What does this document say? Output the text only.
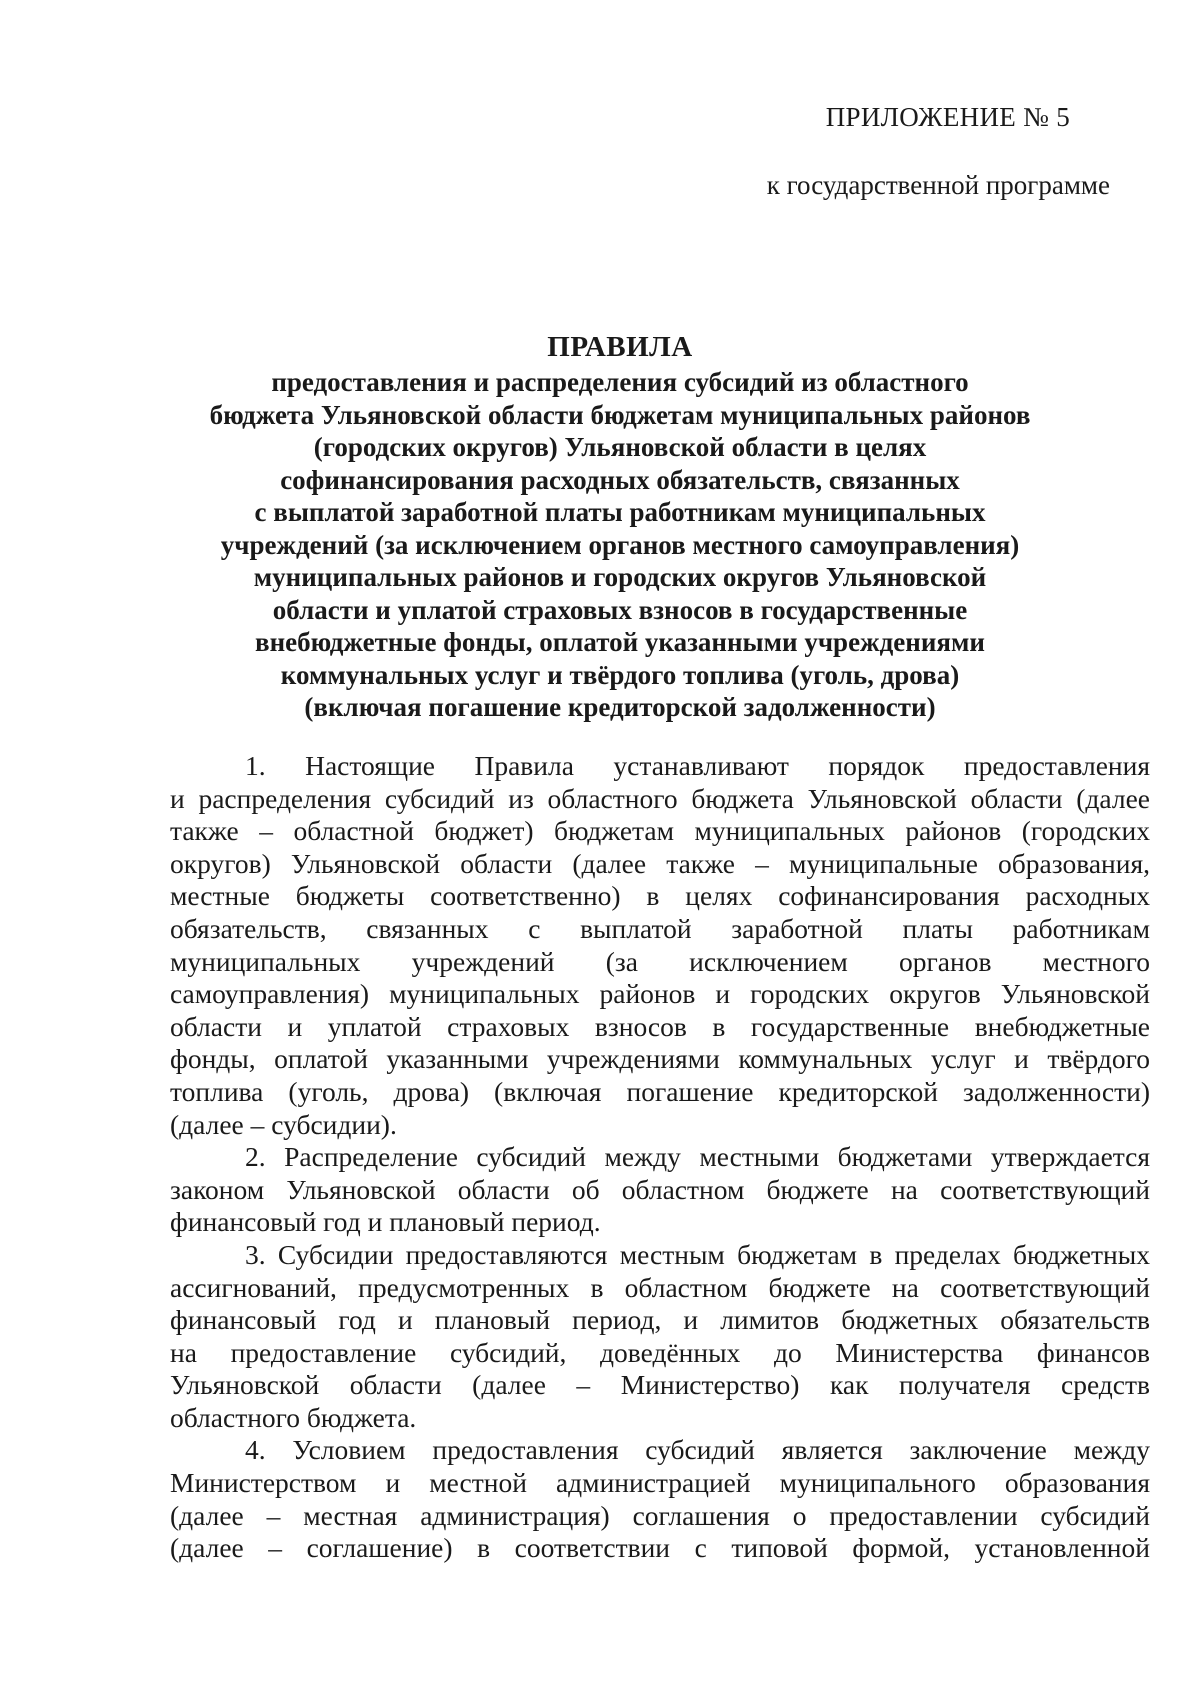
ПРИЛОЖЕНИЕ № 5
к государственной программе
ПРАВИЛА
предоставления и распределения субсидий из областного
бюджета Ульяновской области бюджетам муниципальных районов
(городских округов) Ульяновской области в целях
софинансирования расходных обязательств, связанных
с выплатой заработной платы работникам муниципальных
учреждений (за исключением органов местного самоуправления)
муниципальных районов и городских округов Ульяновской
области и уплатой страховых взносов в государственные
внебюджетные фонды, оплатой указанными учреждениями
коммунальных услуг и твёрдого топлива (уголь, дрова)
(включая погашение кредиторской задолженности)
1. Настоящие Правила устанавливают порядок предоставления
и распределения субсидий из областного бюджета Ульяновской области (далее
также – областной бюджет) бюджетам муниципальных районов (городских
округов) Ульяновской области (далее также – муниципальные образования,
местные бюджеты соответственно) в целях софинансирования расходных
обязательств, связанных с выплатой заработной платы работникам
муниципальных учреждений (за исключением органов местного
самоуправления) муниципальных районов и городских округов Ульяновской
области и уплатой страховых взносов в государственные внебюджетные
фонды, оплатой указанными учреждениями коммунальных услуг и твёрдого
топлива (уголь, дрова) (включая погашение кредиторской задолженности)
(далее – субсидии).
2. Распределение субсидий между местными бюджетами утверждается
законом Ульяновской области об областном бюджете на соответствующий
финансовый год и плановый период.
3. Субсидии предоставляются местным бюджетам в пределах бюджетных
ассигнований, предусмотренных в областном бюджете на соответствующий
финансовый год и плановый период, и лимитов бюджетных обязательств
на предоставление субсидий, доведённых до Министерства финансов
Ульяновской области (далее – Министерство) как получателя средств
областного бюджета.
4. Условием предоставления субсидий является заключение между
Министерством и местной администрацией муниципального образования
(далее – местная администрация) соглашения о предоставлении субсидий
(далее – соглашение) в соответствии с типовой формой, установленной
